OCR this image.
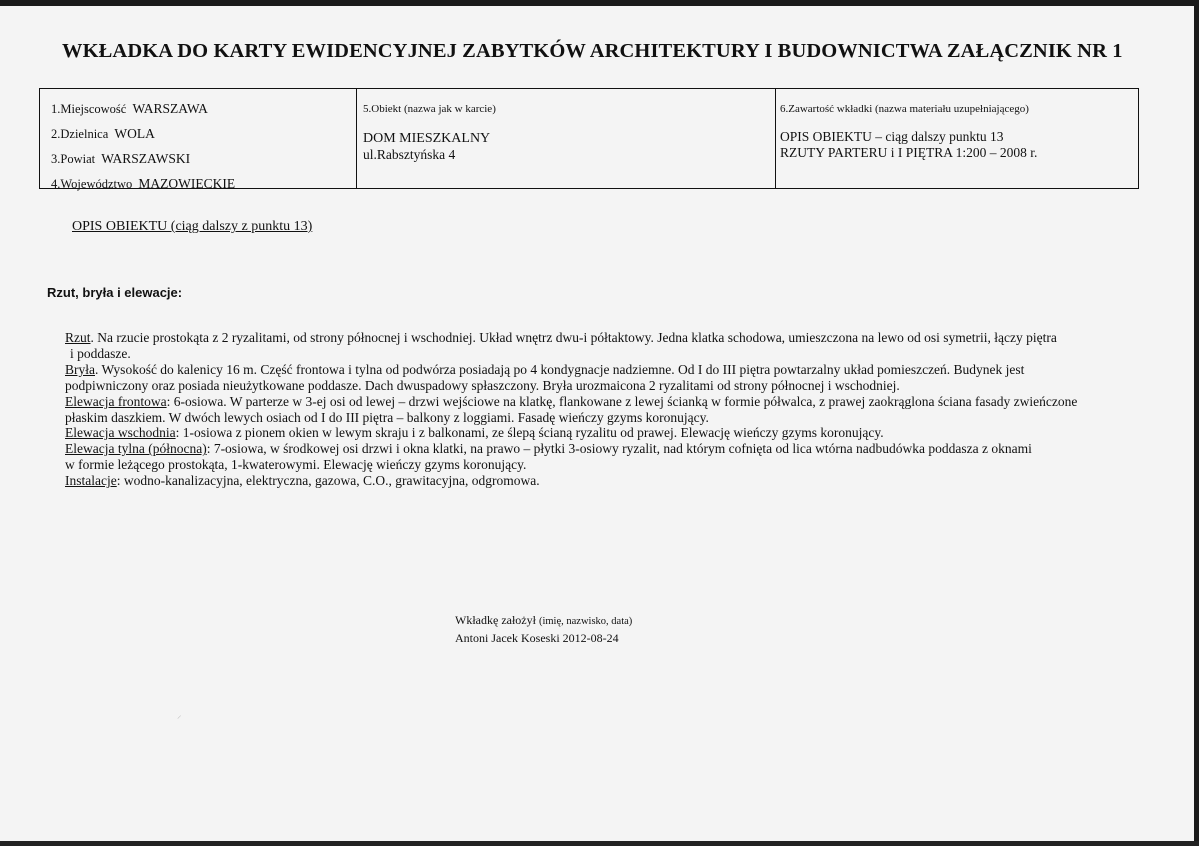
WKŁADKA DO KARTY EWIDENCYJNEJ ZABYTKÓW ARCHITEKTURY I BUDOWNICTWA ZAŁĄCZNIK NR 1
1.Miejscowość WARSZAWA
2.Dzielnica WOLA
3.Powiat WARSZAWSKI
4.Województwo MAZOWIECKIE
5.Obiekt (nazwa jak w karcie)
DOM MIESZKALNY
ul.Rabsztyńska 4
6.Zawartość wkładki (nazwa materiału uzupełniającego)
OPIS OBIEKTU – ciąg dalszy punktu 13
RZUTY PARTERU i I PIĘTRA 1:200 – 2008 r.
OPIS OBIEKTU (ciąg dalszy z punktu 13)
Rzut, bryła i elewacje:

Rzut. Na rzucie prostokąta z 2 ryzalitami, od strony północnej i wschodniej. Układ wnętrz dwu-i półtaktowy. Jedna klatka schodowa, umieszczona na lewo od osi symetrii, łączy piętra

i poddasze.

Bryła. Wysokość do kalenicy 16 m. Część frontowa i tylna od podwórza posiadają po 4 kondygnacje nadziemne. Od I do III piętra powtarzalny układ pomieszczeń. Budynek jest

podpiwniczony oraz posiada nieużytkowane poddasze. Dach dwuspadowy spłaszczony. Bryła urozmaicona 2 ryzalitami od strony północnej i wschodniej.

Elewacja frontowa: 6-osiowa. W parterze w 3-ej osi od lewej – drzwi wejściowe na klatkę, flankowane z lewej ścianką w formie półwalca, z prawej zaokrąglona ściana fasady zwieńczone

płaskim daszkiem. W dwóch lewych osiach od I do III piętra – balkony z loggiami. Fasadę wieńczy gzyms koronujący.

Elewacja wschodnia: 1-osiowa z pionem okien w lewym skraju i z balkonami, ze ślepą ścianą ryzalitu od prawej. Elewację wieńczy gzyms koronujący.

Elewacja tylna (północna): 7-osiowa, w środkowej osi drzwi i okna klatki, na prawo – płytki 3-osiowy ryzalit, nad którym cofnięta od lica wtórna nadbudówka poddasza z oknami

w formie leżącego prostokąta, 1-kwaterowymi. Elewację wieńczy gzyms koronujący.

Instalacje: wodno-kanalizacyjna, elektryczna, gazowa, C.O., grawitacyjna, odgromowa.

Wkładkę założył (imię, nazwisko, data)
Antoni Jacek Koseski 2012-08-24
⸝
